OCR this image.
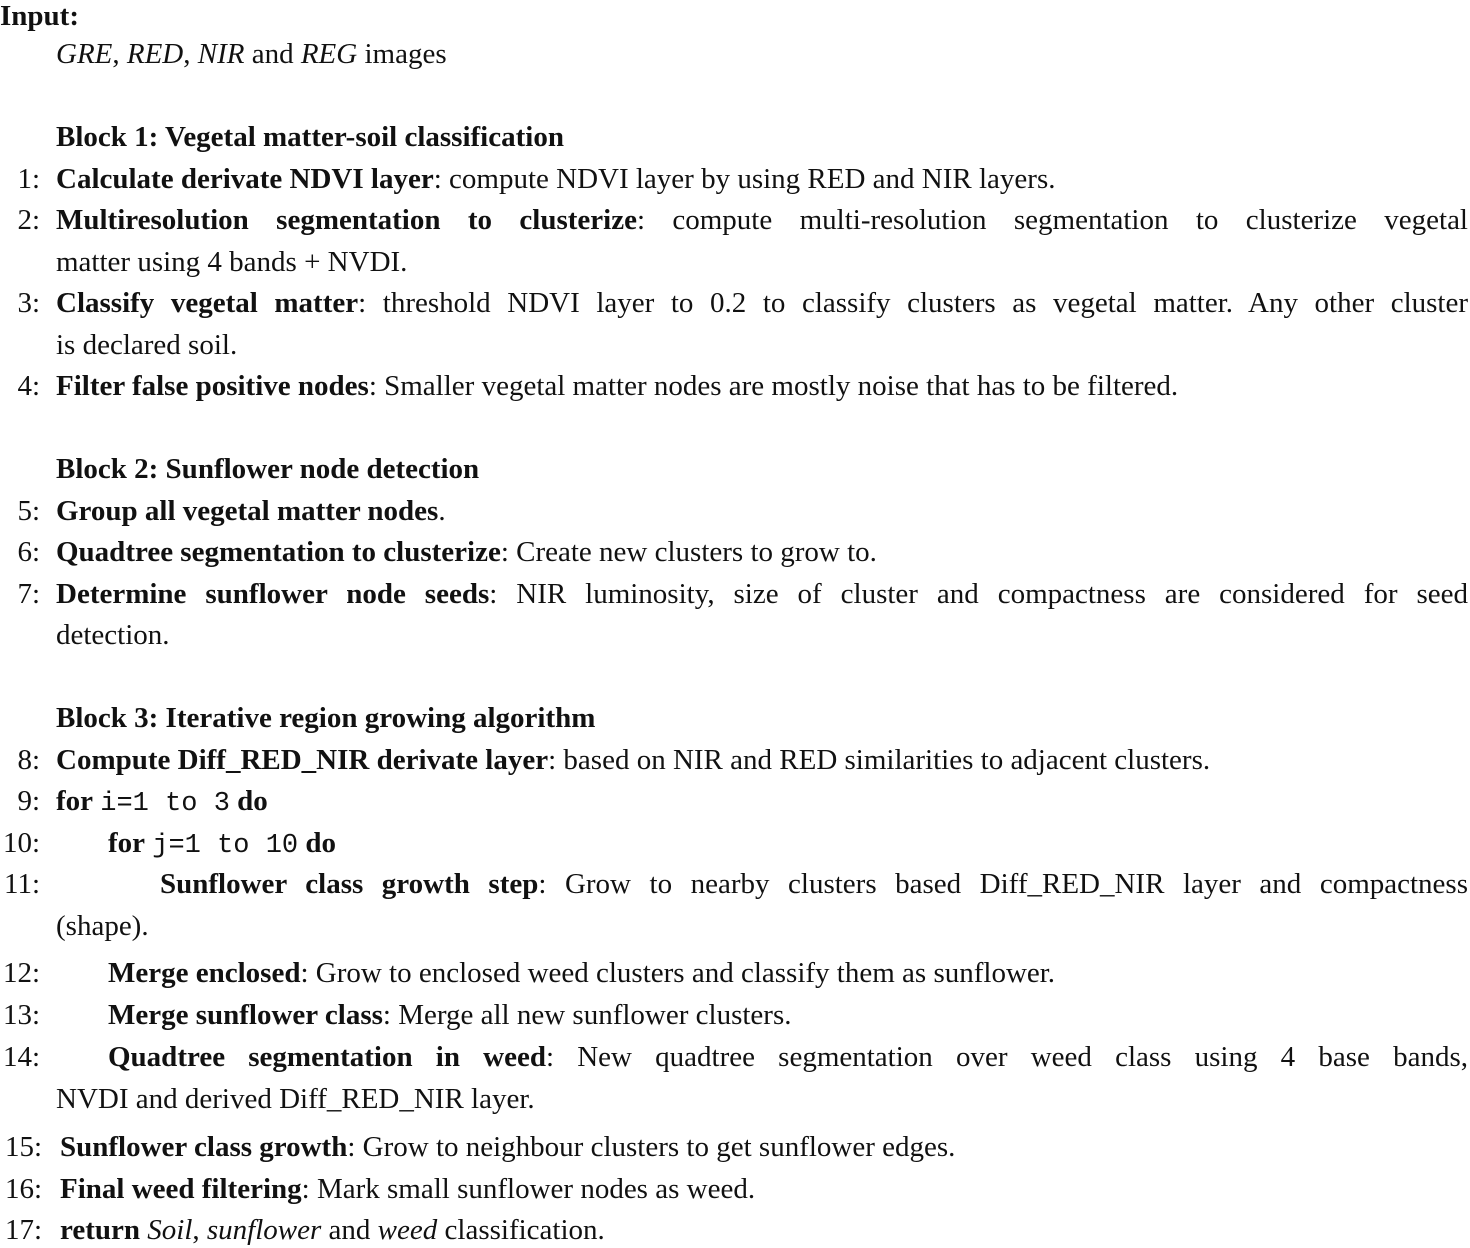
Input:
GRE, RED, NIR and REG images
Block 1: Vegetal matter-soil classification
1: Calculate derivate NDVI layer: compute NDVI layer by using RED and NIR layers.
2: Multiresolution segmentation to clusterize: compute multi-resolution segmentation to clusterize vegetal
matter using 4 bands + NVDI.
3: Classify vegetal matter: threshold NDVI layer to 0.2 to classify clusters as vegetal matter. Any other cluster
is declared soil.
4: Filter false positive nodes: Smaller vegetal matter nodes are mostly noise that has to be filtered.
Block 2: Sunflower node detection
5: Group all vegetal matter nodes.
6: Quadtree segmentation to clusterize: Create new clusters to grow to.
7: Determine sunflower node seeds: NIR luminosity, size of cluster and compactness are considered for seed
detection.
Block 3: Iterative region growing algorithm
8: Compute Diff_RED_NIR derivate layer: based on NIR and RED similarities to adjacent clusters.
9: for i=1 to 3 do
10: for j=1 to 10 do
11:	Sunflower class growth step: Grow to nearby clusters based Diff_RED_NIR layer and compactness
(shape).
12: Merge enclosed: Grow to enclosed weed clusters and classify them as sunflower.
13: Merge sunflower class: Merge all new sunflower clusters.
14: Quadtree segmentation in weed: New quadtree segmentation over weed class using 4 base bands,
NVDI and derived Diff_RED_NIR layer.
15: Sunflower class growth: Grow to neighbour clusters to get sunflower edges.
16: Final weed filtering: Mark small sunflower nodes as weed.
17: return Soil, sunflower and weed classification.
